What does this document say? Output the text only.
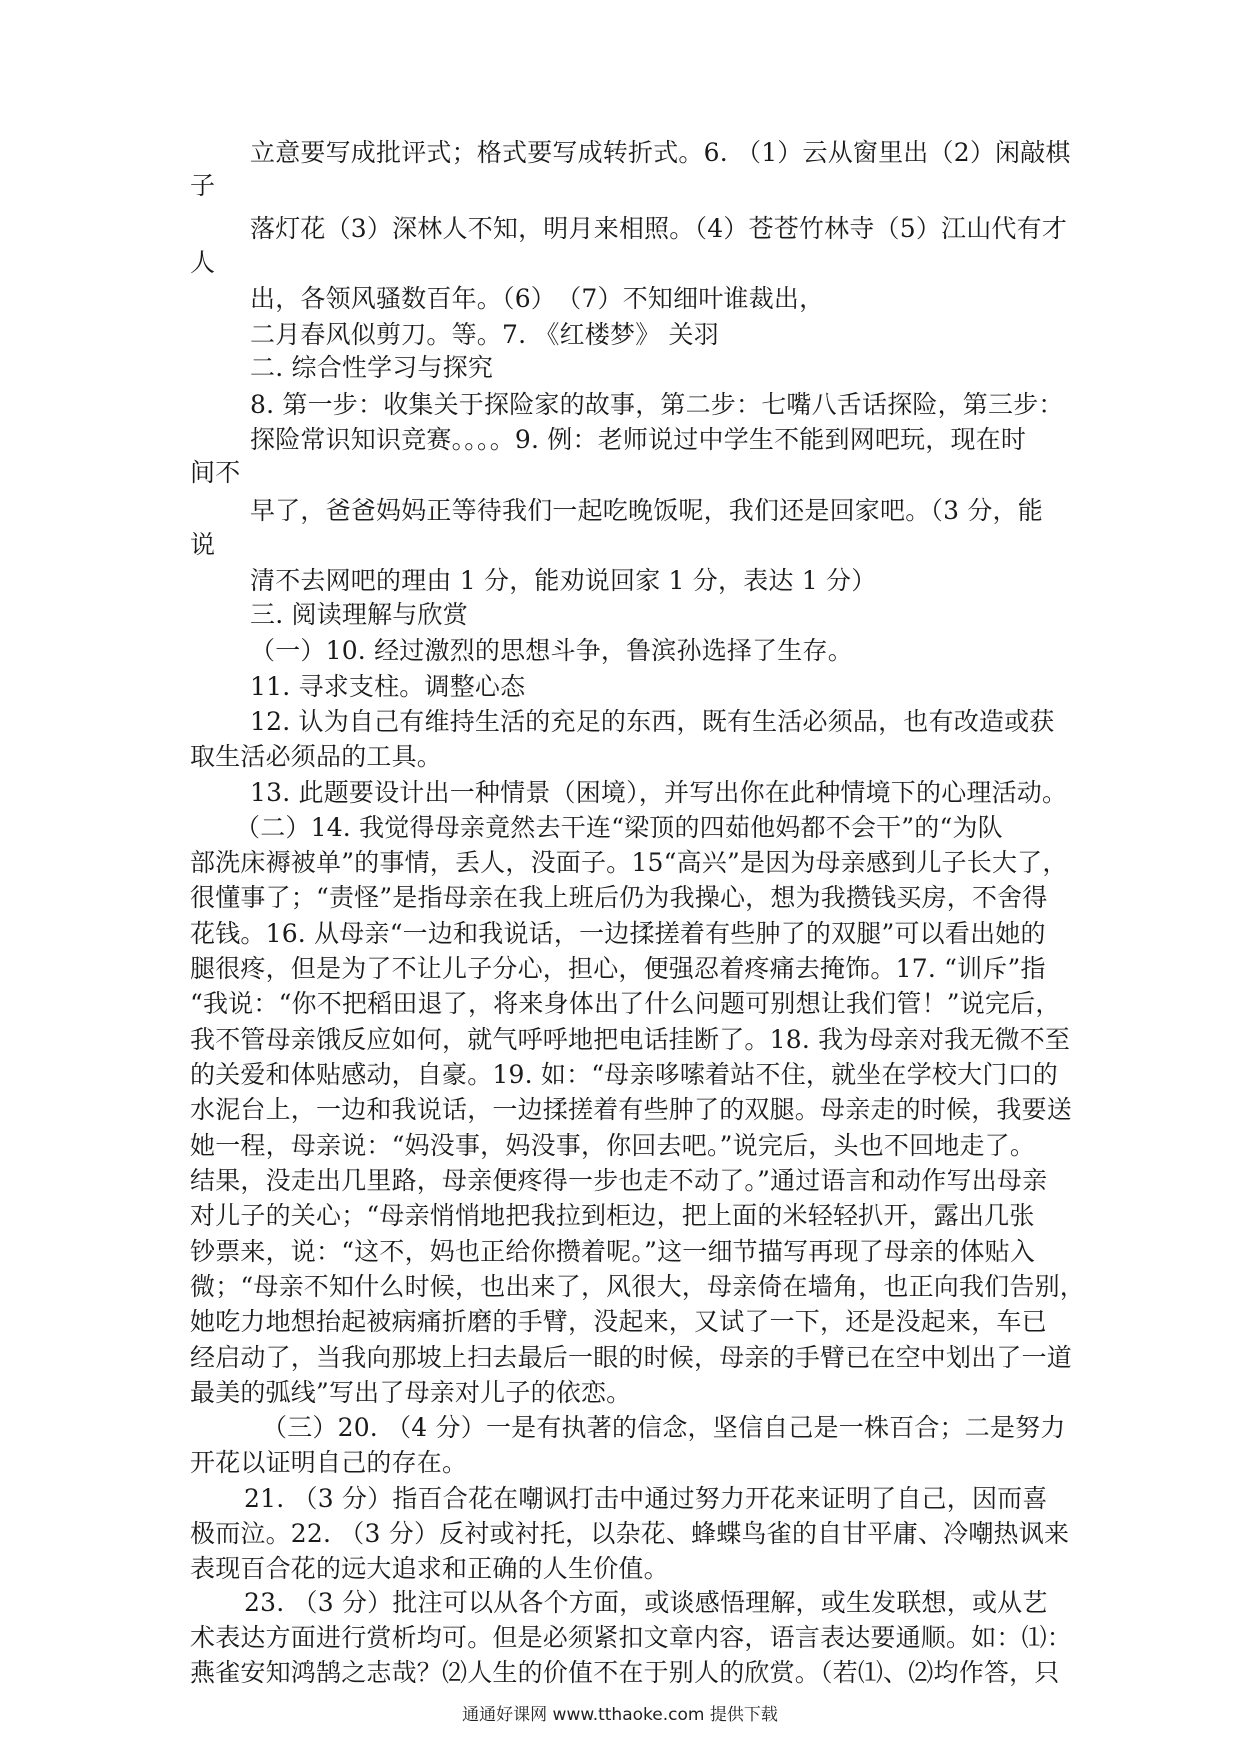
立意要写成批评式；格式要写成转折式。6. （1）云从窗里出（2）闲敲棋
子
落灯花（3）深林人不知，明月来相照。（4）苍苍竹林寺（5）江山代有才
人
出，各领风骚数百年。（6）　（7）不知细叶谁裁出，
二月春风似剪刀。等。7. 《红楼梦》 关羽
二. 综合性学习与探究
8. 第一步：收集关于探险家的故事，第二步：七嘴八舌话探险，第三步：
探险常识知识竞赛。。。。9. 例：老师说过中学生不能到网吧玩，现在时
间不
早了，爸爸妈妈正等待我们一起吃晚饭呢，我们还是回家吧。（3 分，能
说
清不去网吧的理由 1 分，能劝说回家 1 分，表达 1 分）
三. 阅读理解与欣赏
（一）10. 经过激烈的思想斗争，鲁滨孙选择了生存。
11. 寻求支柱。调整心态
12. 认为自己有维持生活的充足的东西，既有生活必须品，也有改造或获
取生活必须品的工具。
13. 此题要设计出一种情景（困境），并写出你在此种情境下的心理活动。
（二）14. 我觉得母亲竟然去干连“梁顶的四茹他妈都不会干”的“为队
部洗床褥被单”的事情，丢人，没面子。15“高兴”是因为母亲感到儿子长大了，
很懂事了；“责怪”是指母亲在我上班后仍为我操心，想为我攒钱买房，不舍得
花钱。16. 从母亲“一边和我说话，一边揉搓着有些肿了的双腿”可以看出她的
腿很疼，但是为了不让儿子分心，担心，便强忍着疼痛去掩饰。17. “训斥”指
“我说：“你不把稻田退了，将来身体出了什么问题可别想让我们管！”说完后，
我不管母亲饿反应如何，就气呼呼地把电话挂断了。18. 我为母亲对我无微不至
的关爱和体贴感动，自豪。19. 如：“母亲哆嗦着站不住，就坐在学校大门口的
水泥台上，一边和我说话，一边揉搓着有些肿了的双腿。母亲走的时候，我要送
她一程，母亲说：“妈没事，妈没事，你回去吧。”说完后，头也不回地走了。
结果，没走出几里路，母亲便疼得一步也走不动了。”通过语言和动作写出母亲
对儿子的关心；“母亲悄悄地把我拉到柜边，把上面的米轻轻扒开，露出几张
钞票来，说：“这不，妈也正给你攒着呢。”这一细节描写再现了母亲的体贴入
微；“母亲不知什么时候，也出来了，风很大，母亲倚在墙角，也正向我们告别，
她吃力地想抬起被病痛折磨的手臂，没起来，又试了一下，还是没起来，车已
经启动了，当我向那坡上扫去最后一眼的时候，母亲的手臂已在空中划出了一道
最美的弧线”写出了母亲对儿子的依恋。
（三）20. （4 分）一是有执著的信念，坚信自己是一株百合；二是努力
开花以证明自己的存在。
21. （3 分）指百合花在嘲讽打击中通过努力开花来证明了自己，因而喜
极而泣。22. （3 分）反衬或衬托，以杂花、蜂蝶鸟雀的自甘平庸、冷嘲热讽来
表现百合花的远大追求和正确的人生价值。
23. （3 分）批注可以从各个方面，或谈感悟理解，或生发联想，或从艺
术表达方面进行赏析均可。但是必须紧扣文章内容，语言表达要通顺。如：⑴：
燕雀安知鸿鹄之志哉？⑵人生的价值不在于别人的欣赏。（若⑴、⑵均作答，只
通通好课网 www.tthaoke.com 提供下载
